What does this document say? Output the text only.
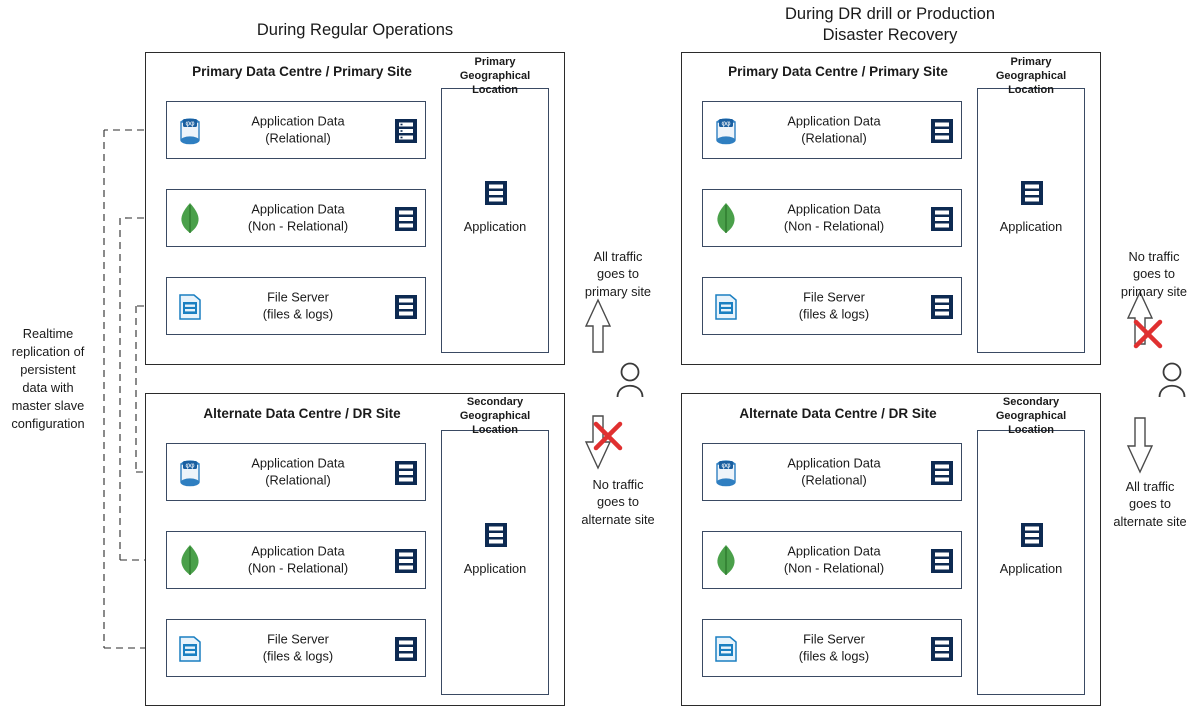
During Regular Operations
Primary Data Centre / Primary Site
φφ	Application Data
(Relational)
Application Data
(Non - Relational)
File Server
(files & logs)
Application
Primary
Geographical
Location
Alternate Data Centre / DR Site
φφ	Application Data
(Relational)
Application Data
(Non - Relational)
File Server
(files & logs)
Application
Secondary
Geographical
Location
All traffic
goes to
primary site
No traffic
goes to
alternate site
Realtime
replication of
persistent
data with
master slave
configuration
During DR drill or Production
Disaster Recovery
Primary Data Centre / Primary Site
φφ	Application Data
(Relational)
Application Data
(Non - Relational)
File Server
(files & logs)
Application
Primary
Geographical
Location
Alternate Data Centre / DR Site
φφ	Application Data
(Relational)
Application Data
(Non - Relational)
File Server
(files & logs)
Application
Secondary
Geographical
Location
No traffic
goes to
primary site
All traffic
goes to
alternate site
